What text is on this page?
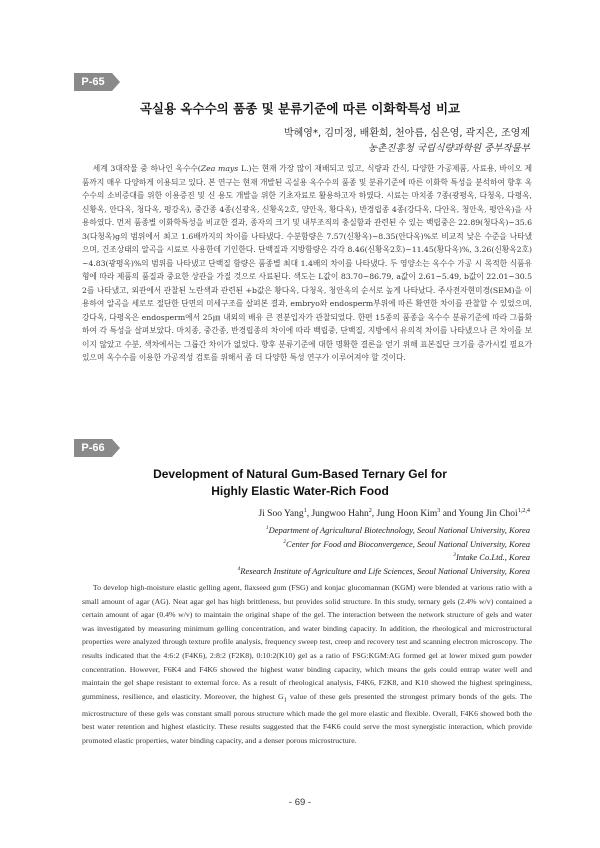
P-65
곡실용 옥수수의 품종 및 분류기준에 따른 이화학특성 비교
박혜영*, 김미정, 배환희, 천아름, 심은영, 곽지은, 조영제
농촌진흥청 국립식량과학원 중부작물부

세계 3대작물 중 하나인 옥수수(Zea mays L.)는 현재 가장 많이 재배되고 있고, 식량과 간식, 다양한 가공제품, 사료용, 바이오 제품까지 매우 다양하게 이용되고 있다. 본 연구는 현재 개발된 곡실용 옥수수의 품종 및 분류기준에 따른 이화학 특성을 분석하여 향후 옥수수의 소비증대를 위한 이용증진 및 신 용도 개발을 위한 기초자료로 활용하고자 하였다. 시료는 마치종 7종(광평옥, 다청옥, 다평옥, 신황옥, 안다옥, 청다옥, 평강옥), 중간종 4종(신광옥, 신황옥2호, 양안옥, 황다옥), 반경립종 4종(강다옥, 다안옥, 청안옥, 평안옥)을 사용하였다. 먼저 품종별 이화학특성을 비교한 결과, 종자의 크기 및 내부조직의 충실함과 관련된 수 있는 백립중은 22.89(청다옥)~35.63(다청옥)g의 범위에서 최고 1.6배까지의 차이를 나타냈다. 수분함량은 7.57(신황옥)~8.35(안다옥)%로 비교적 낮은 수준을 나타냈으며, 건조상태의 알곡을 시료로 사용한데 기인한다. 단백질과 지방함량은 각각 8.46(신황옥2호)~11.45(황다옥)%, 3.26(신황옥2호)~4.83(광평옥)%의 범위를 나타냈고 단백질 함량은 품종별 최대 1.4배의 차이를 나타냈다. 두 영양소는 옥수수 가공 시 목적한 식품유형에 따라 제품의 품질과 중요한 상관을 가질 것으로 사료된다. 색도는 L값이 83.70~86.79, a값이 2.61~5.49, b값이 22.01~30.52를 나타냈고, 외관에서 관찰된 노란색과 관련된 +b값은 황다옥, 다청옥, 청안옥의 순서로 높게 나타났다. 주사전자현미경(SEM)을 이용하여 알곡을 세로로 절단한 단면의 미세구조를 살펴본 결과, embryo와 endosperm부위에 따른 확연한 차이를 관찰할 수 있었으며, 강다옥, 다평옥은 endosperm에서 25㎛ 내외의 배유 큰 전분입자가 관찰되었다. 한편 15종의 품종을 옥수수 분류기준에 따라 그룹화하여 각 특성을 살펴보았다. 마치종, 중간종, 반경립종의 차이에 따라 백립중, 단백질, 지방에서 유의적 차이를 나타냈으나 큰 차이를 보이지 않았고 수분, 색차에서는 그룹간 차이가 없었다. 향후 분류기준에 대한 명확한 결론을 얻기 위해 표본집단 크기를 증가시킬 필요가 있으며 옥수수를 이용한 가공적성 검토를 위해서 좀 더 다양한 특성 연구가 이루어져야 할 것이다.

P-66
Development of Natural Gum-Based Ternary Gel for
Highly Elastic Water-Rich Food
Ji Soo Yang$^1$, Jungwoo Hahn$^2$, Jung Hoon Kim$^3$ and Young Jin Choi$^{1,2,4}$
$^1$Department of Agricultural Biotechnology, Seoul National University, Korea
$^2$Center for Food and Bioconvergence, Seoul National University, Korea
$^3$Intake Co.Ltd., Korea
$^4$Research Institute of Agriculture and Life Sciences, Seoul National University, Korea

To develop high-moisture elastic gelling agent, flaxseed gum (FSG) and konjac glucomannan (KGM) were blended at various ratio with a small amount of agar (AG). Neat agar gel has high brittleness, but provides solid structure. In this study, ternary gels (2.4% w/v) contained a certain amount of agar (0.4% w/v) to maintain the original shape of the gel. The interaction between the network structure of gels and water was investigated by measuring minimum gelling concentration, and water binding capacity. In addition, the rheological and microstructural properties were analyzed through texture profile analysis, frequency sweep test, creep and recovery test and scanning electron microscopy. The results indicated that the 4:6:2 (F4K6), 2:8:2 (F2K8), 0:10:2(K10) gel as a ratio of FSG:KGM:AG formed gel at lower mixed gum powder concentration. However, F6K4 and F4K6 showed the highest water binding capacity, which means the gels could entrap water well and maintain the gel shape resistant to external force. As a result of rheological analysis, F4K6, F2K8, and K10 showed the highest springiness, gumminess, resilience, and elasticity. Moreover, the highest $G_1$ value of these gels presented the strongest primary bonds of the gels. The microstructure of these gels was constant small porous structure which made the gel more elastic and flexible. Overall, F4K6 showed both the best water retention and highest elasticity. These results suggested that the F4K6 could serve the most synergistic interaction, which provide promoted elastic properties, water binding capacity, and a denser porous microstructure.

- 69 -
